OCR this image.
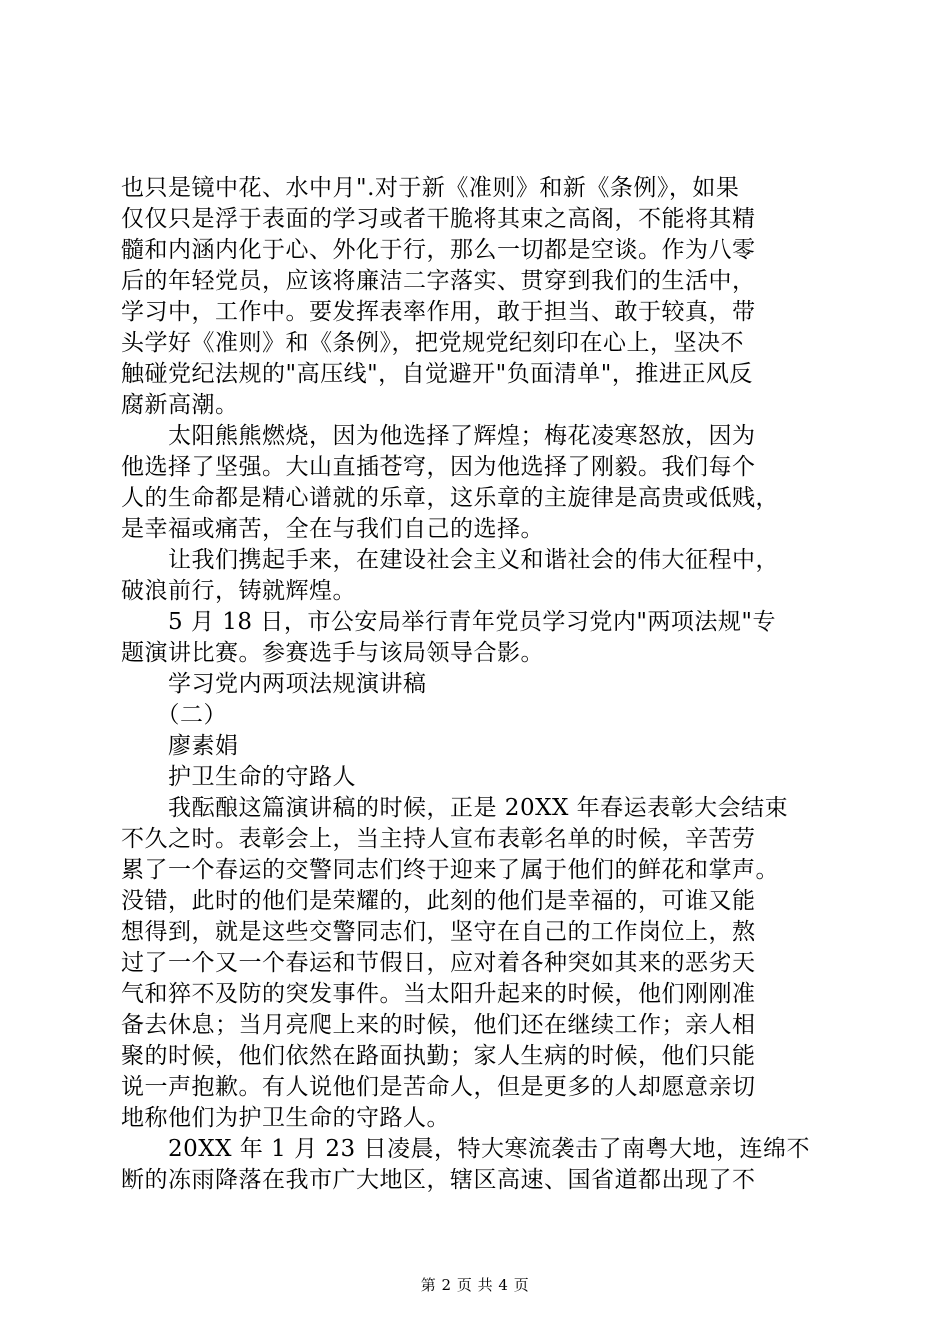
也只是镜中花、水中月".对于新《准则》和新《条例》，如果

仅仅只是浮于表面的学习或者干脆将其束之高阁，不能将其精

髓和内涵内化于心、外化于行，那么一切都是空谈。作为八零

后的年轻党员，应该将廉洁二字落实、贯穿到我们的生活中，

学习中，工作中。要发挥表率作用，敢于担当、敢于较真，带

头学好《准则》和《条例》，把党规党纪刻印在心上，坚决不

触碰党纪法规的"高压线"，自觉避开"负面清单"，推进正风反

腐新高潮。

　　太阳熊熊燃烧，因为他选择了辉煌；梅花凌寒怒放，因为

他选择了坚强。大山直插苍穹，因为他选择了刚毅。我们每个

人的生命都是精心谱就的乐章，这乐章的主旋律是高贵或低贱，

是幸福或痛苦，全在与我们自己的选择。

　　让我们携起手来，在建设社会主义和谐社会的伟大征程中，

破浪前行，铸就辉煌。

　　5 月 18 日，市公安局举行青年党员学习党内"两项法规"专

题演讲比赛。参赛选手与该局领导合影。

　　学习党内两项法规演讲稿

　　（二）

　　廖素娟

　　护卫生命的守路人

　　我酝酿这篇演讲稿的时候，正是 20XX 年春运表彰大会结束

不久之时。表彰会上，当主持人宣布表彰名单的时候，辛苦劳

累了一个春运的交警同志们终于迎来了属于他们的鲜花和掌声。

没错，此时的他们是荣耀的，此刻的他们是幸福的，可谁又能

想得到，就是这些交警同志们，坚守在自己的工作岗位上，熬

过了一个又一个春运和节假日，应对着各种突如其来的恶劣天

气和猝不及防的突发事件。当太阳升起来的时候，他们刚刚准

备去休息；当月亮爬上来的时候，他们还在继续工作；亲人相

聚的时候，他们依然在路面执勤；家人生病的时候，他们只能

说一声抱歉。有人说他们是苦命人，但是更多的人却愿意亲切

地称他们为护卫生命的守路人。

　　20XX 年 1 月 23 日凌晨，特大寒流袭击了南粤大地，连绵不

断的冻雨降落在我市广大地区，辖区高速、国省道都出现了不

第 2 页 共 4 页
